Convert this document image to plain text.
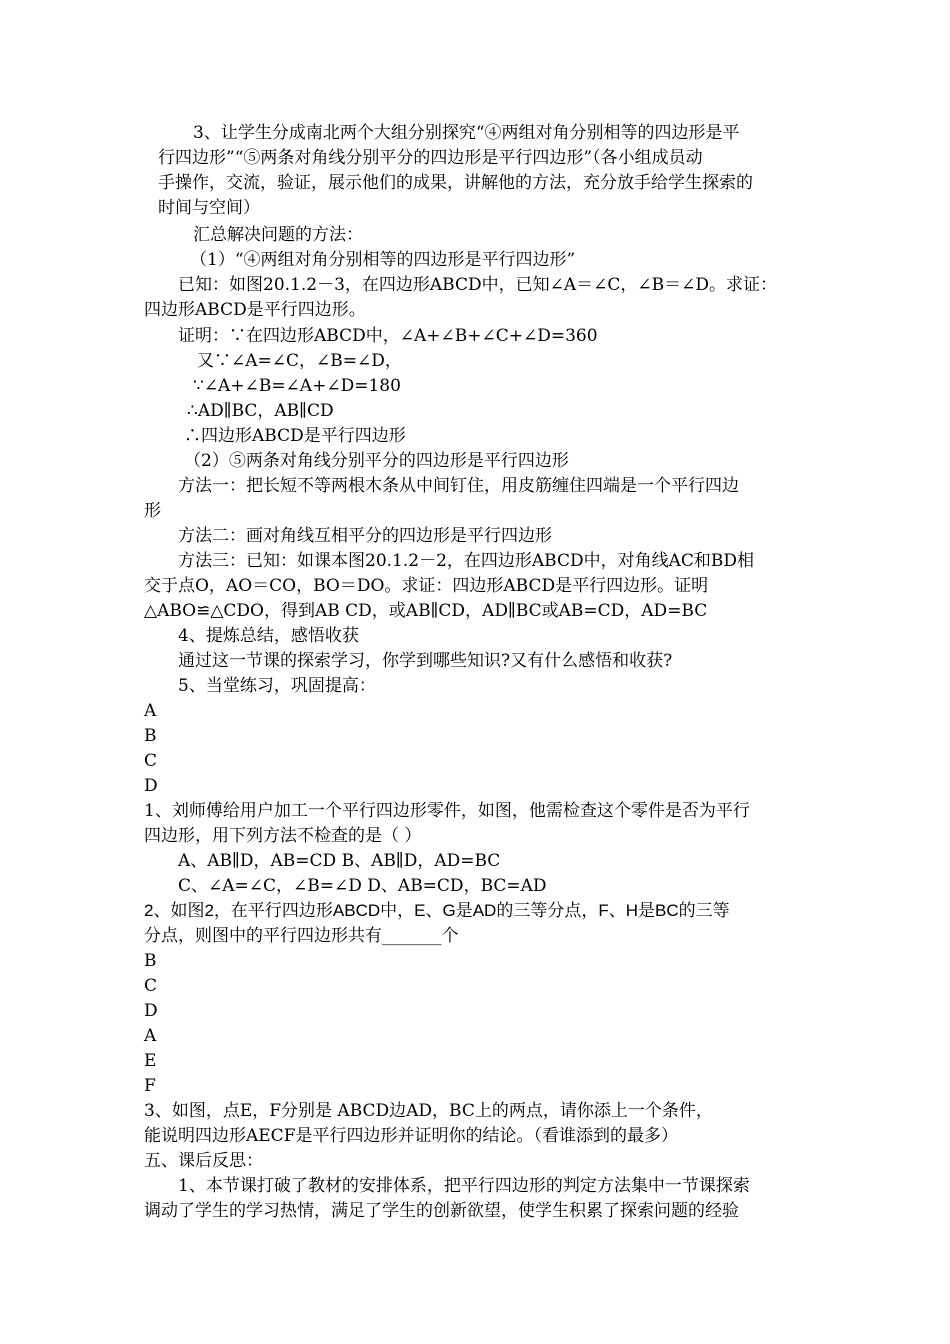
3、让学生分成南北两个大组分别探究“④两组对角分别相等的四边形是平

行四边形”“⑤两条对角线分别平分的四边形是平行四边形”（各小组成员动

手操作，交流，验证，展示他们的成果，讲解他的方法，充分放手给学生探索的

时间与空间）

汇总解决问题的方法：

（1）“④两组对角分别相等的四边形是平行四边形”

已知：如图20.1.2－3，在四边形ABCD中，已知∠A＝∠C，∠B＝∠D。求证：

四边形ABCD是平行四边形。

证明：∵在四边形ABCD中，∠A+∠B+∠C+∠D=360

又∵∠A=∠C，∠B=∠D，

∵∠A+∠B=∠A+∠D=180

∴AD∥BC，AB∥CD

∴四边形ABCD是平行四边形

（2）⑤两条对角线分别平分的四边形是平行四边形

方法一：把长短不等两根木条从中间钉住，用皮筋缠住四端是一个平行四边

形

方法二：画对角线互相平分的四边形是平行四边形

方法三：已知：如课本图20.1.2－2，在四边形ABCD中，对角线AC和BD相

交于点O，AO＝CO，BO＝DO。求证：四边形ABCD是平行四边形。证明

△ABO≌△CDO，得到AB CD，或AB∥CD，AD∥BC或AB=CD，AD=BC

4、提炼总结，感悟收获

通过这一节课的探索学习，你学到哪些知识?又有什么感悟和收获?

5、当堂练习，巩固提高：

A

B

C

D

1、刘师傅给用户加工一个平行四边形零件，如图，他需检查这个零件是否为平行

四边形，用下列方法不检查的是（ ）

A、AB∥D，AB=CD B、AB∥D，AD=BC

C、∠A=∠C，∠B=∠D D、AB=CD，BC=AD

2、如图2，在平行四边形ABCD中，E、G是AD的三等分点，F、H是BC的三等

分点，则图中的平行四边形共有_______个

B

C

D

A

E

F

3、如图，点E，F分别是 ABCD边AD，BC上的两点，请你添上一个条件，

能说明四边形AECF是平行四边形并证明你的结论。（看谁添到的最多）

五、课后反思：

1、本节课打破了教材的安排体系，把平行四边形的判定方法集中一节课探索

调动了学生的学习热情，满足了学生的创新欲望，使学生积累了探索问题的经验
